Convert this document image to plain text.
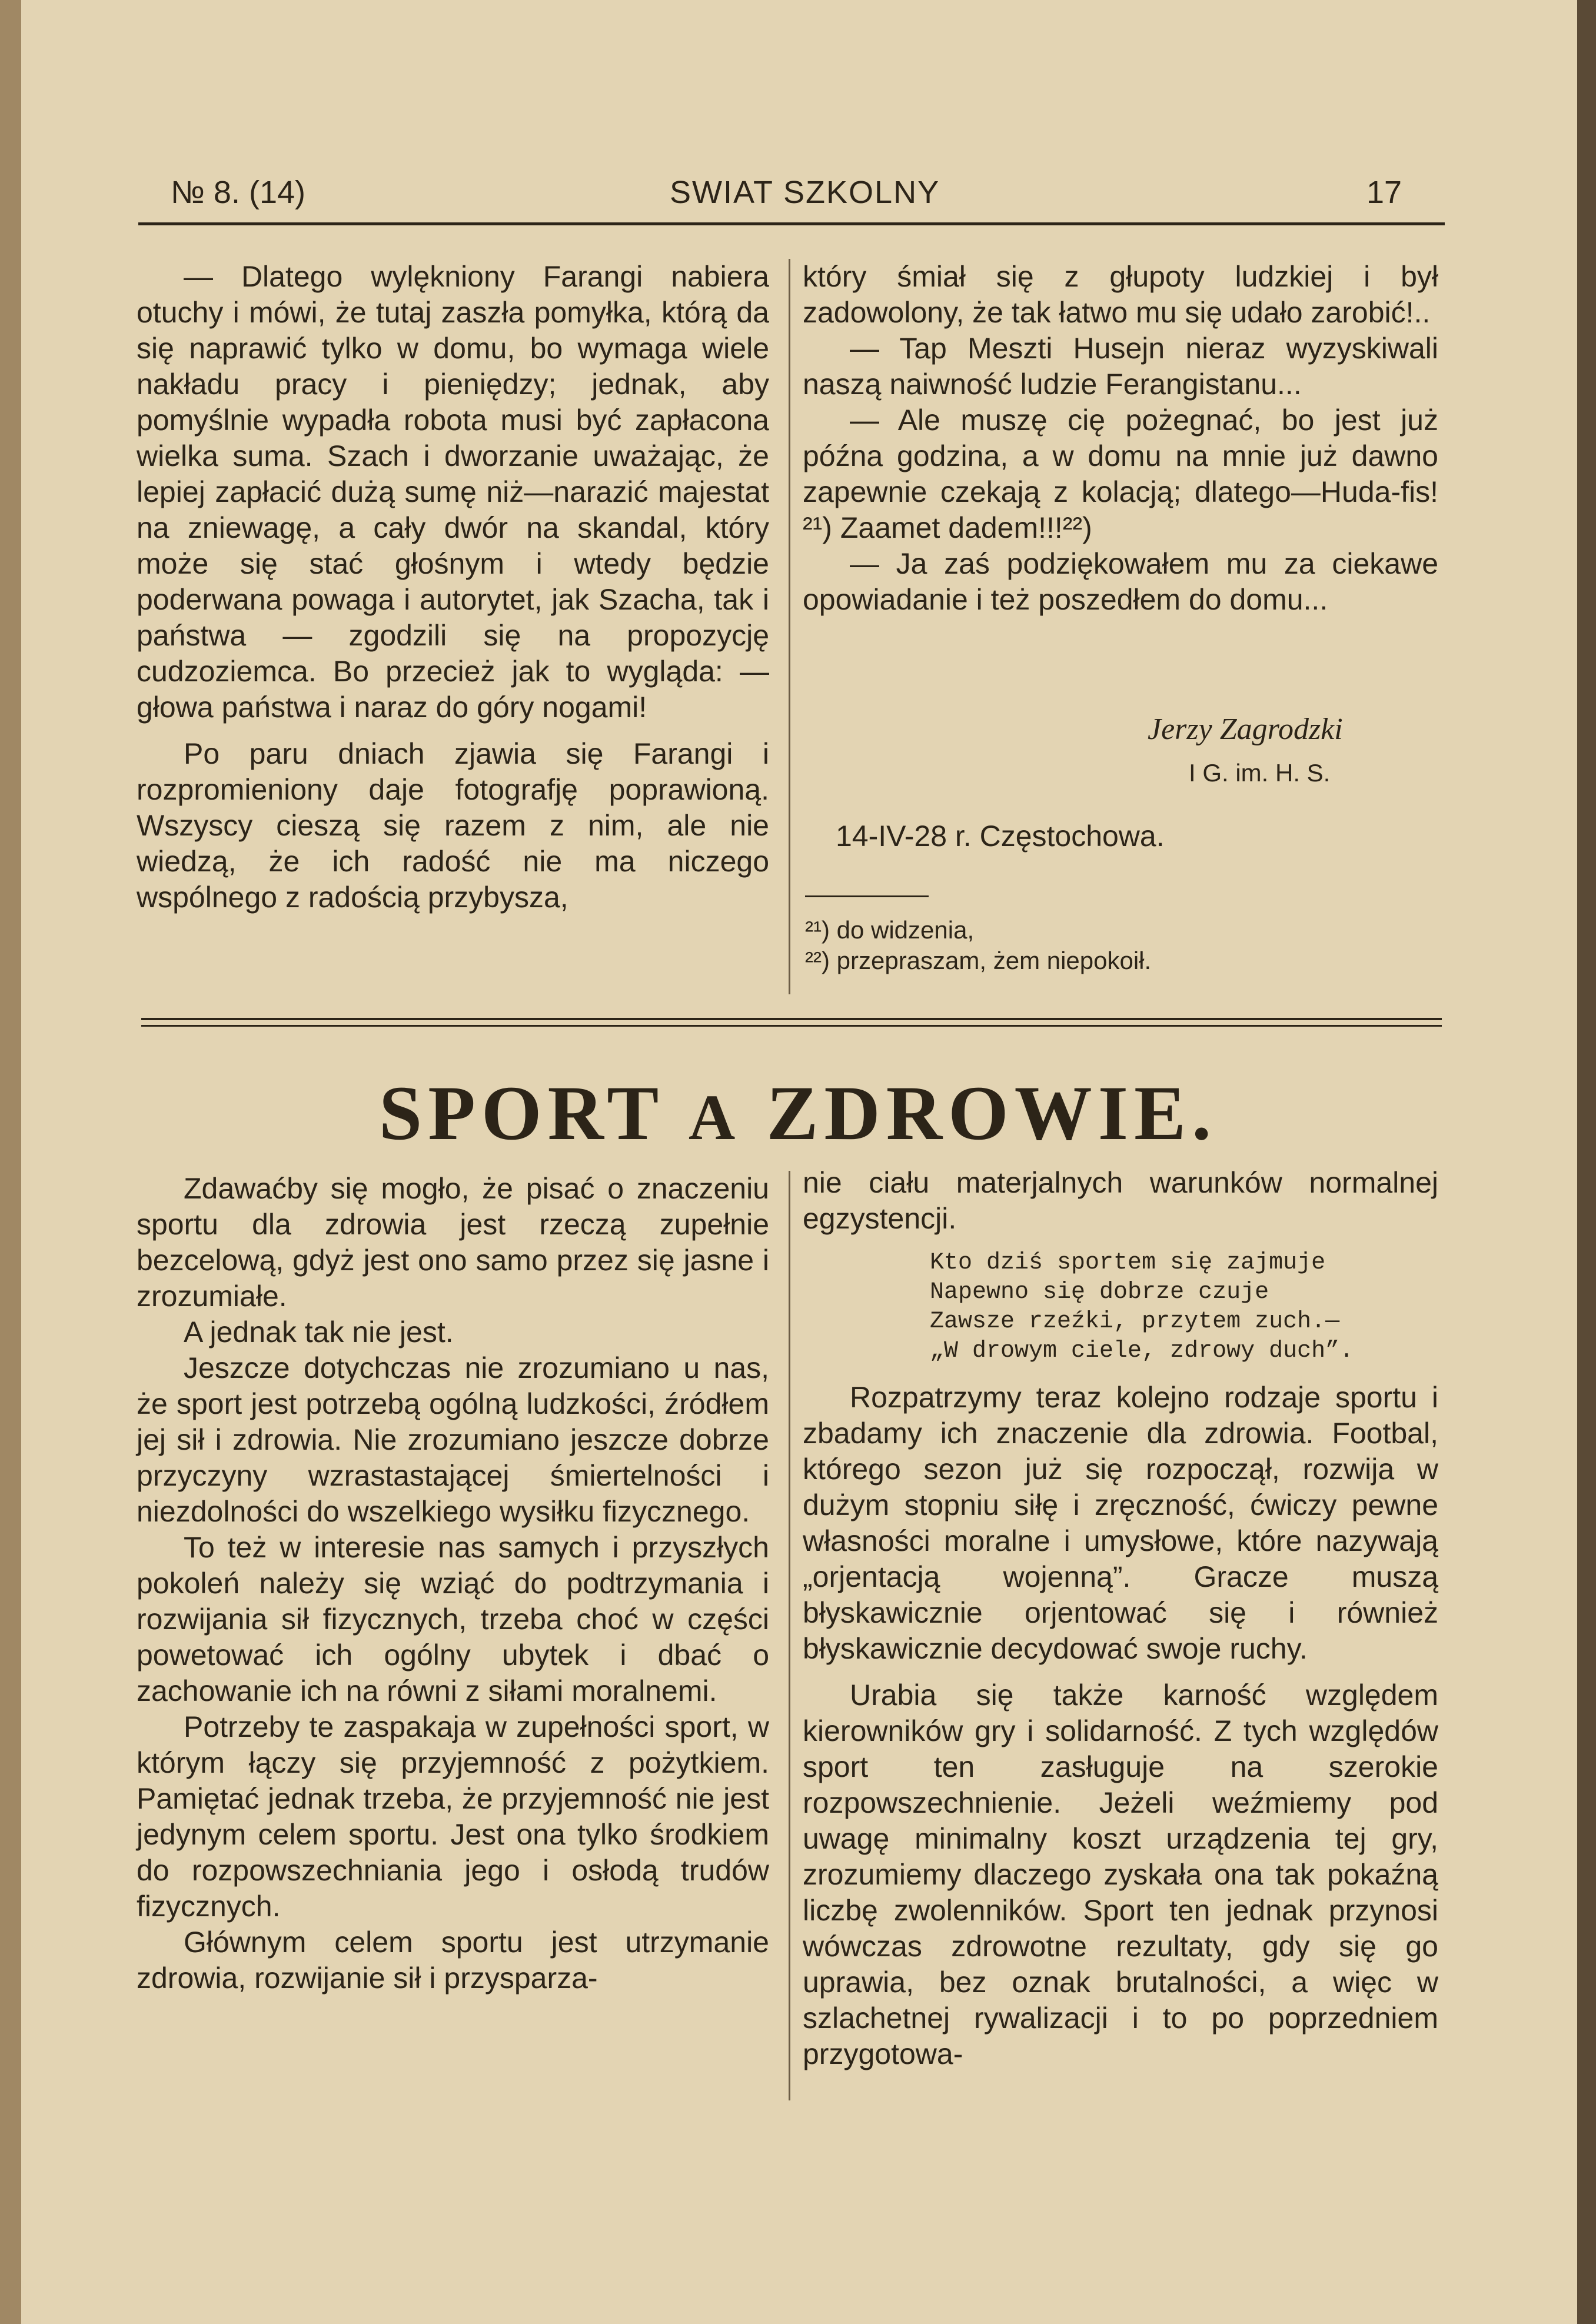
№ 8. (14)	SWIAT SZKOLNY	17

— Dlatego wylękniony Farangi nabiera otuchy i mówi, że tutaj zaszła pomyłka, którą da się naprawić tylko w domu, bo wymaga wiele nakładu pracy i pieniędzy; jednak, aby pomyślnie wypadła robota musi być zapłacona wielka suma. Szach i dworzanie uważając, że lepiej zapłacić dużą sumę niż—narazić majestat na zniewagę, a cały dwór na skandal, który może się stać głośnym i wtedy będzie poderwana powaga i autorytet, jak Szacha, tak i państwa — zgodzili się na propozycję cudzoziemca. Bo przecież jak to wygląda: — głowa państwa i naraz do góry nogami!

Po paru dniach zjawia się Farangi i rozpromieniony daje fotografję poprawioną. Wszyscy cieszą się razem z nim, ale nie wiedzą, że ich radość nie ma niczego wspólnego z radością przybysza,

który śmiał się z głupoty ludzkiej i był zadowolony, że tak łatwo mu się udało zarobić!..

— Tap Meszti Husejn nieraz wyzyskiwali naszą naiwność ludzie Ferangistanu...

— Ale muszę cię pożegnać, bo jest już późna godzina, a w domu na mnie już dawno zapewnie czekają z kolacją; dlatego—Huda-fis!²¹) Zaamet dadem!!!²²)

— Ja zaś podziękowałem mu za ciekawe opowiadanie i też poszedłem do domu...

Jerzy Zagrodzki
I G. im. H. S.
14-IV-28 r. Częstochowa.
²¹) do widzenia,
²²) przepraszam, żem niepokoił.
SPORT A ZDROWIE.

Zdawaćby się mogło, że pisać o znaczeniu sportu dla zdrowia jest rzeczą zupełnie bezcelową, gdyż jest ono samo przez się jasne i zrozumiałe.

A jednak tak nie jest.

Jeszcze dotychczas nie zrozumiano u nas, że sport jest potrzebą ogólną ludzkości, źródłem jej sił i zdrowia. Nie zrozumiano jeszcze dobrze przyczyny wzrastastającej śmiertelności i niezdolności do wszelkiego wysiłku fizycznego.

To też w interesie nas samych i przyszłych pokoleń należy się wziąć do podtrzymania i rozwijania sił fizycznych, trzeba choć w części powetować ich ogólny ubytek i dbać o zachowanie ich na równi z siłami moralnemi.

Potrzeby te zaspakaja w zupełności sport, w którym łączy się przyjemność z pożytkiem. Pamiętać jednak trzeba, że przyjemność nie jest jedynym celem sportu. Jest ona tylko środkiem do rozpowszechniania jego i osłodą trudów fizycznych.

Głównym celem sportu jest utrzymanie zdrowia, rozwijanie sił i przysparza-

nie ciału materjalnych warunków normalnej egzystencji.

Kto dziś sportem się zajmuje
Napewno się dobrze czuje
Zawsze rzeźki, przytem zuch.—
„W drowym ciele, zdrowy duch”.

Rozpatrzymy teraz kolejno rodzaje sportu i zbadamy ich znaczenie dla zdrowia. Footbal, którego sezon już się rozpoczął, rozwija w dużym stopniu siłę i zręczność, ćwiczy pewne własności moralne i umysłowe, które nazywają „orjentacją wojenną”. Gracze muszą błyskawicznie orjentować się i również błyskawicznie decydować swoje ruchy.

Urabia się także karność względem kierowników gry i solidarność. Z tych względów sport ten zasługuje na szerokie rozpowszechnienie. Jeżeli weźmiemy pod uwagę minimalny koszt urządzenia tej gry, zrozumiemy dlaczego zyskała ona tak pokaźną liczbę zwolenników. Sport ten jednak przynosi wówczas zdrowotne rezultaty, gdy się go uprawia, bez oznak brutalności, a więc w szlachetnej rywalizacji i to po poprzedniem przygotowa-
